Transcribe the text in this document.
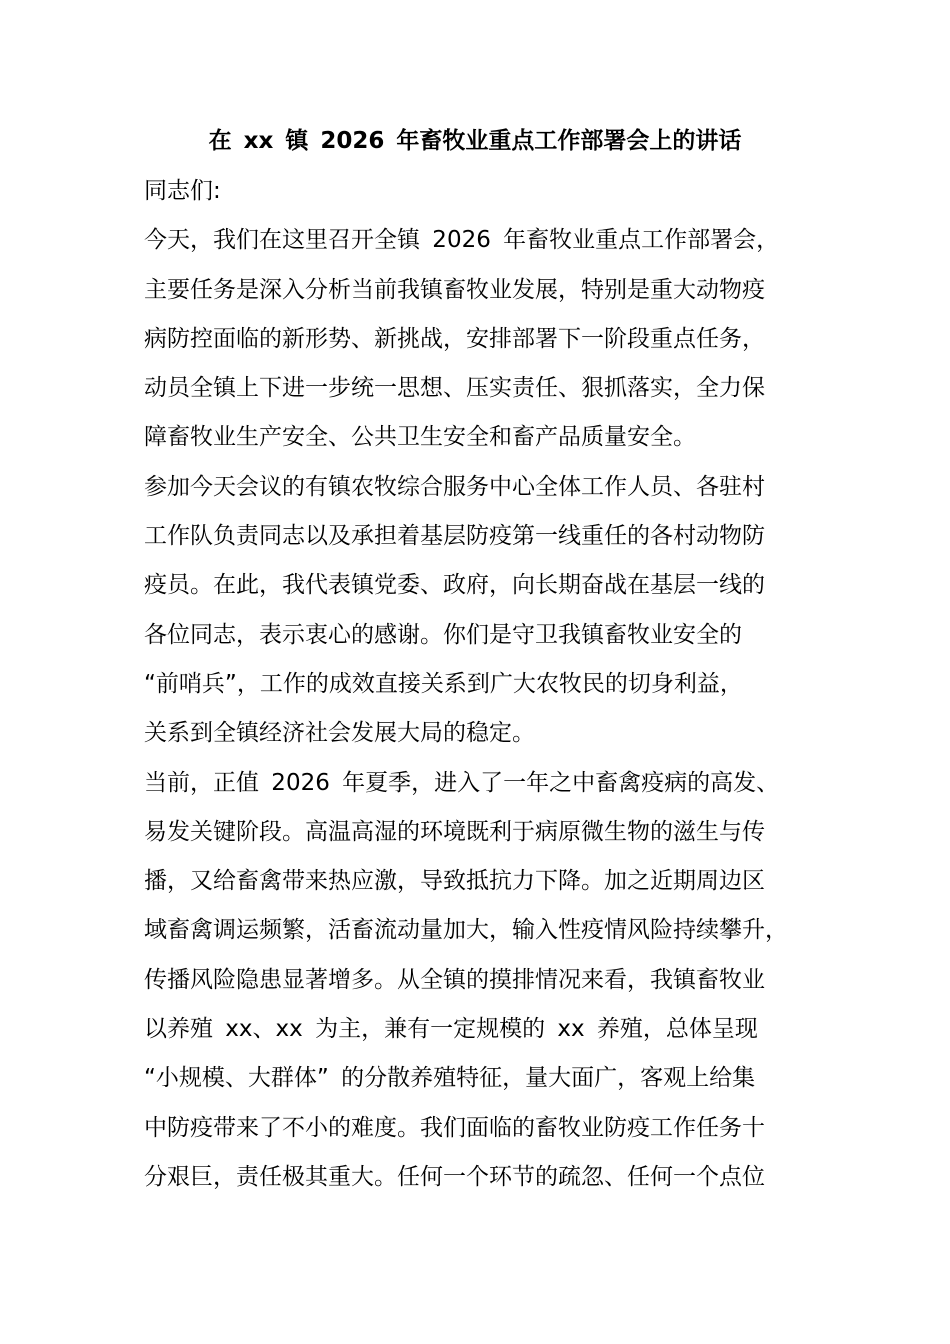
在 xx 镇 2026 年畜牧业重点工作部署会上的讲话
同志们:
今天，我们在这里召开全镇 2026 年畜牧业重点工作部署会，
主要任务是深入分析当前我镇畜牧业发展，特别是重大动物疫
病防控面临的新形势、新挑战，安排部署下一阶段重点任务，
动员全镇上下进一步统一思想、压实责任、狠抓落实，全力保
障畜牧业生产安全、公共卫生安全和畜产品质量安全。
参加今天会议的有镇农牧综合服务中心全体工作人员、各驻村
工作队负责同志以及承担着基层防疫第一线重任的各村动物防
疫员。在此，我代表镇党委、政府，向长期奋战在基层一线的
各位同志，表示衷心的感谢。你们是守卫我镇畜牧业安全的
“前哨兵”，工作的成效直接关系到广大农牧民的切身利益，
关系到全镇经济社会发展大局的稳定。
当前，正值 2026 年夏季，进入了一年之中畜禽疫病的高发、
易发关键阶段。高温高湿的环境既利于病原微生物的滋生与传
播，又给畜禽带来热应激，导致抵抗力下降。加之近期周边区
域畜禽调运频繁，活畜流动量加大，输入性疫情风险持续攀升，
传播风险隐患显著增多。从全镇的摸排情况来看，我镇畜牧业
以养殖 xx、xx 为主，兼有一定规模的 xx 养殖，总体呈现
“小规模、大群体” 的分散养殖特征，量大面广，客观上给集
中防疫带来了不小的难度。我们面临的畜牧业防疫工作任务十
分艰巨，责任极其重大。任何一个环节的疏忽、任何一个点位
